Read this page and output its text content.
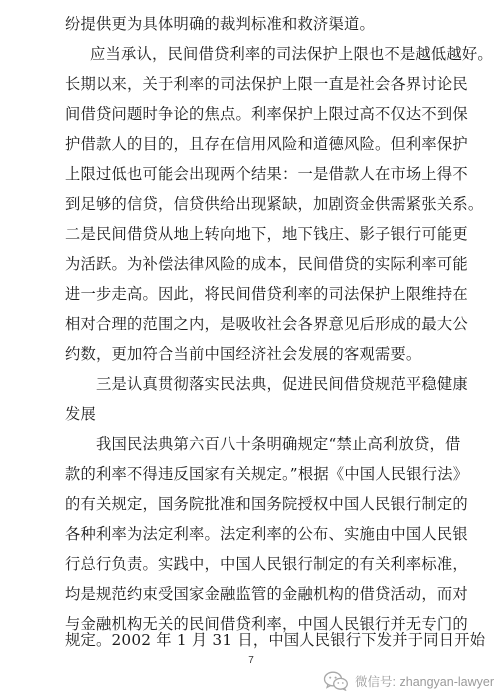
纷提供更为具体明确的裁判标准和救济渠道。
应当承认，民间借贷利率的司法保护上限也不是越低越好。
长期以来，关于利率的司法保护上限一直是社会各界讨论民
间借贷问题时争论的焦点。利率保护上限过高不仅达不到保
护借款人的目的，且存在信用风险和道德风险。但利率保护
上限过低也可能会出现两个结果：一是借款人在市场上得不
到足够的信贷，信贷供给出现紧缺，加剧资金供需紧张关系。
二是民间借贷从地上转向地下，地下钱庄、影子银行可能更
为活跃。为补偿法律风险的成本，民间借贷的实际利率可能
进一步走高。因此，将民间借贷利率的司法保护上限维持在
相对合理的范围之内，是吸收社会各界意见后形成的最大公
约数，更加符合当前中国经济社会发展的客观需要。
三是认真贯彻落实民法典，促进民间借贷规范平稳健康
发展
我国民法典第六百八十条明确规定“禁止高利放贷，借
款的利率不得违反国家有关规定。”根据《中国人民银行法》
的有关规定，国务院批准和国务院授权中国人民银行制定的
各种利率为法定利率。法定利率的公布、实施由中国人民银
行总行负责。实践中，中国人民银行制定的有关利率标准，
均是规范约束受国家金融监管的金融机构的借贷活动，而对
与金融机构无关的民间借贷利率，中国人民银行并无专门的
规定。2002 年 1 月 31 日，中国人民银行下发并于同日开始
7
微信号: zhangyan-lawyer
